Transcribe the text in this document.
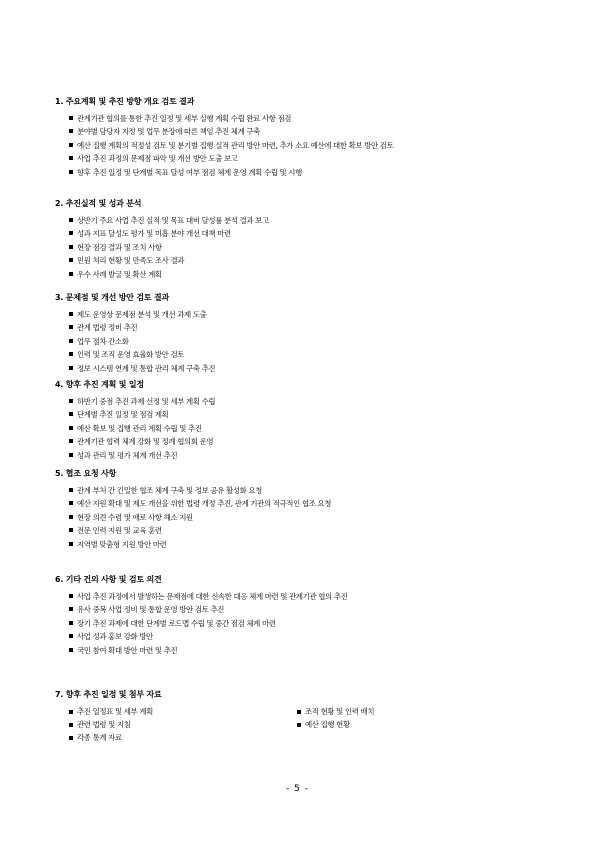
1. 주요계획 및 추진 방향 개요 검토 결과
관계기관 협의를 통한 추진 일정 및 세부 실행 계획 수립 완료 사항 점검
분야별 담당자 지정 및 업무 분장에 따른 책임 추진 체계 구축
예산 집행 계획의 적정성 검토 및 분기별 집행 실적 관리 방안 마련, 추가 소요 예산에 대한 확보 방안 검토
사업 추진 과정의 문제점 파악 및 개선 방안 도출 보고
향후 추진 일정 및 단계별 목표 달성 여부 점검 체계 운영 계획 수립 및 시행
2. 추진실적 및 성과 분석
상반기 주요 사업 추진 실적 및 목표 대비 달성률 분석 결과 보고
성과 지표 달성도 평가 및 미흡 분야 개선 대책 마련
현장 점검 결과 및 조치 사항
민원 처리 현황 및 만족도 조사 결과
우수 사례 발굴 및 확산 계획
3. 문제점 및 개선 방안 검토 결과
제도 운영상 문제점 분석 및 개선 과제 도출
관계 법령 정비 추진
업무 절차 간소화
인력 및 조직 운영 효율화 방안 검토
정보 시스템 연계 및 통합 관리 체계 구축 추진
4. 향후 추진 계획 및 일정
하반기 중점 추진 과제 선정 및 세부 계획 수립
단계별 추진 일정 및 점검 계획
예산 확보 및 집행 관리 계획 수립 및 추진
관계기관 협력 체계 강화 및 정례 협의회 운영
성과 관리 및 평가 체계 개선 추진
5. 협조 요청 사항
관계 부처 간 긴밀한 협조 체계 구축 및 정보 공유 활성화 요청
예산 지원 확대 및 제도 개선을 위한 법령 개정 추진, 관계 기관의 적극적인 협조 요청
현장 의견 수렴 및 애로 사항 해소 지원
전문 인력 지원 및 교육 훈련
지역별 맞춤형 지원 방안 마련
6. 기타 건의 사항 및 검토 의견
사업 추진 과정에서 발생하는 문제점에 대한 신속한 대응 체계 마련 및 관계기관 협의 추진
유사 중복 사업 정비 및 통합 운영 방안 검토 추진
장기 추진 과제에 대한 단계별 로드맵 수립 및 중간 점검 체계 마련
사업 성과 홍보 강화 방안
국민 참여 확대 방안 마련 및 추진
7. 향후 추진 일정 및 첨부 자료
추진 일정표 및 세부 계획
관련 법령 및 지침
각종 통계 자료
조직 현황 및 인력 배치
예산 집행 현황
- 5 -
